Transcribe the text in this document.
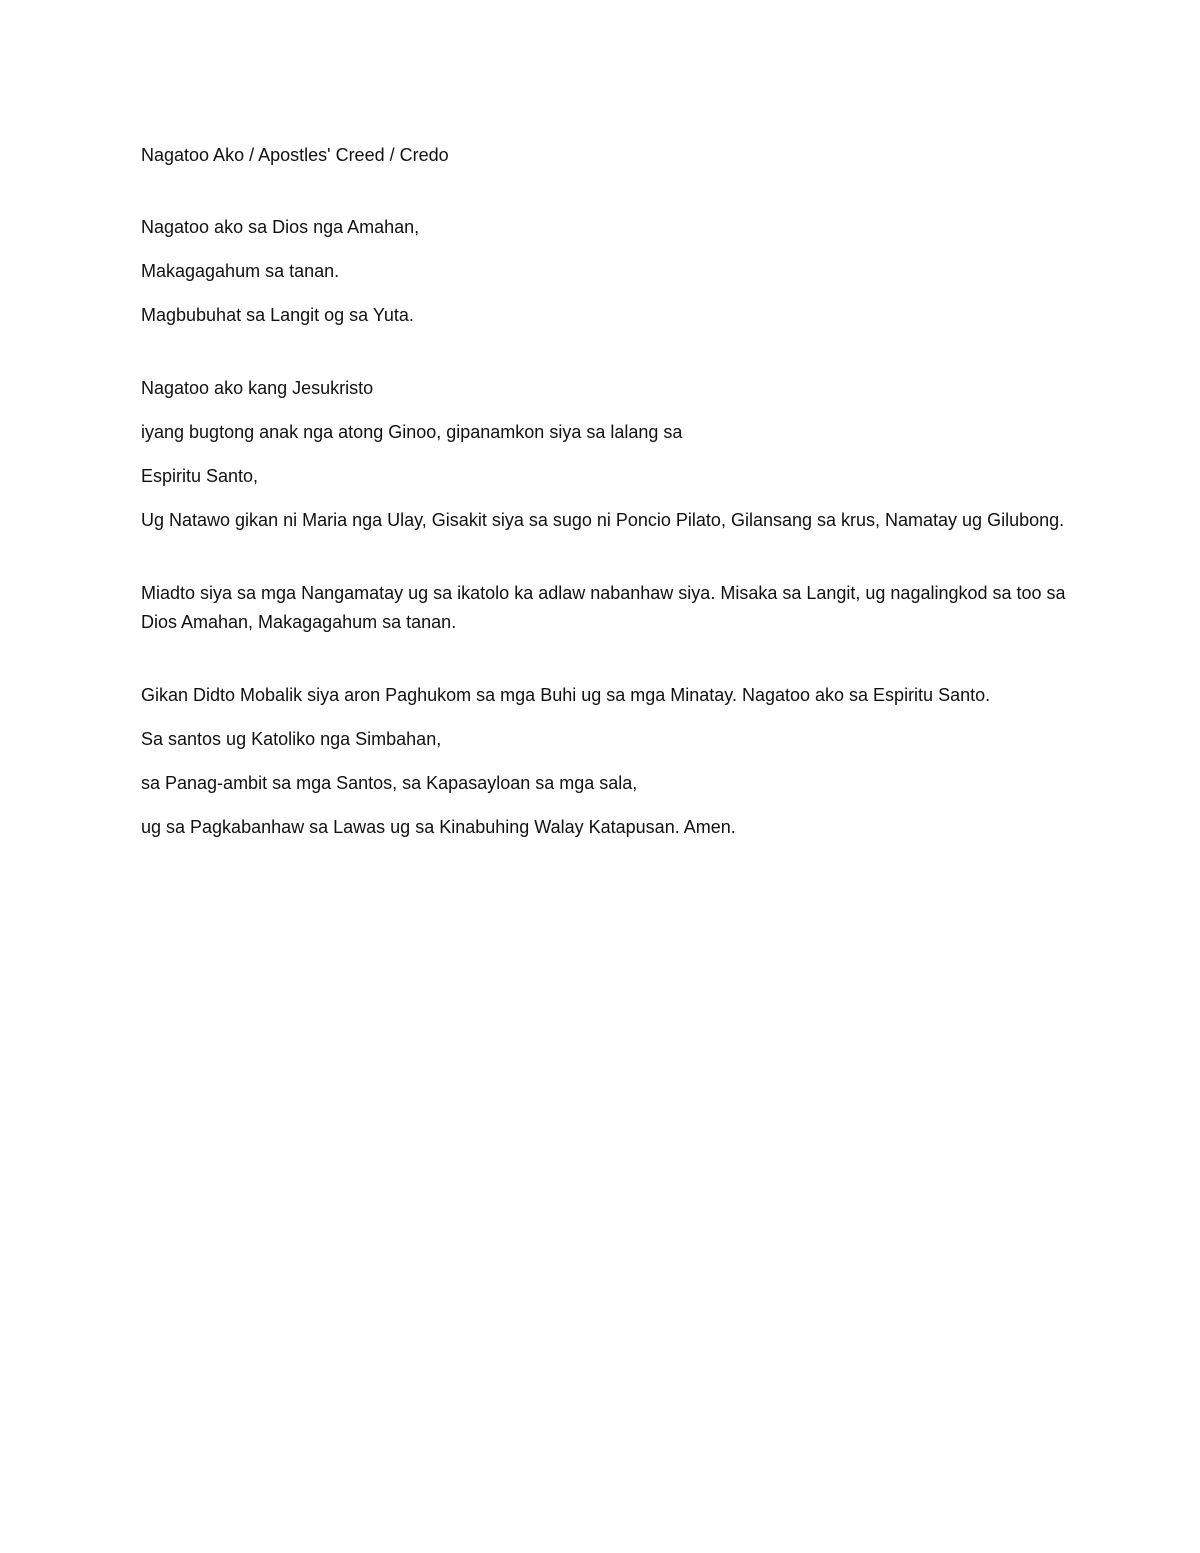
Nagatoo Ako / Apostles' Creed / Credo

Nagatoo ako sa Dios nga Amahan,

Makagagahum sa tanan.

Magbubuhat sa Langit og sa Yuta.

Nagatoo ako kang Jesukristo

iyang bugtong anak nga atong Ginoo, gipanamkon siya sa lalang sa

Espiritu Santo,

Ug Natawo gikan ni Maria nga Ulay, Gisakit siya sa sugo ni Poncio Pilato, Gilansang sa krus, Namatay ug Gilubong.

Miadto siya sa mga Nangamatay ug sa ikatolo ka adlaw nabanhaw siya. Misaka sa Langit, ug nagalingkod sa too sa Dios Amahan, Makagagahum sa tanan.

Gikan Didto Mobalik siya aron Paghukom sa mga Buhi ug sa mga Minatay. Nagatoo ako sa Espiritu Santo.

Sa santos ug Katoliko nga Simbahan,

sa Panag-ambit sa mga Santos, sa Kapasayloan sa mga sala,

ug sa Pagkabanhaw sa Lawas ug sa Kinabuhing Walay Katapusan. Amen.
